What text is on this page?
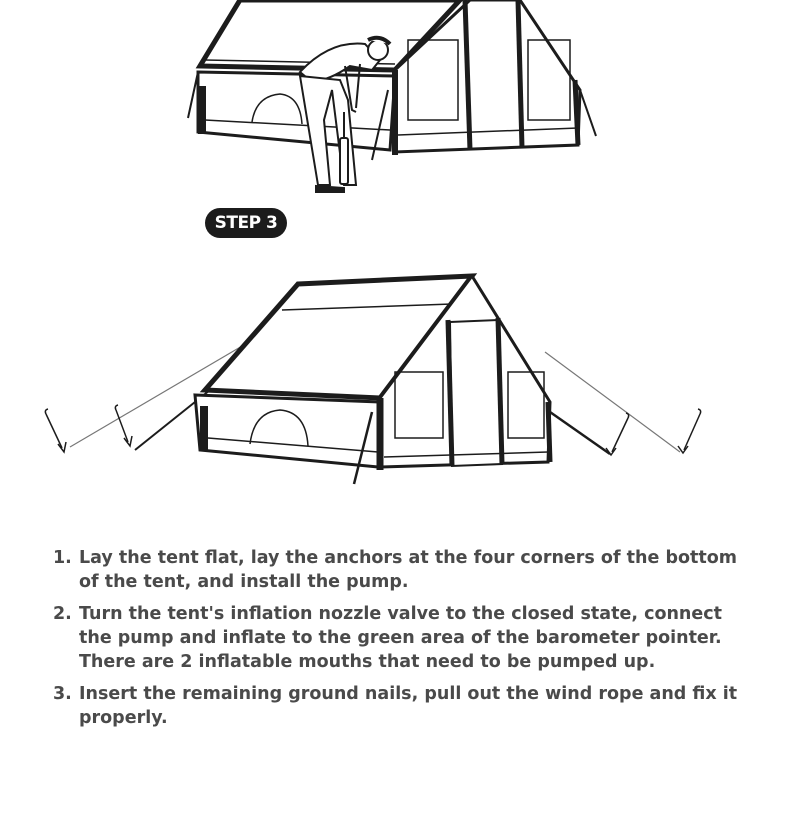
STEP 3
1. Lay the tent flat, lay the anchors at the four corners of the bottom of the tent, and install the pump.
2. Turn the tent's inflation nozzle valve to the closed state, connect the pump and inflate to the green area of the barometer pointer. There are 2 inflatable mouths that need to be pumped up.
3. Insert the remaining ground nails, pull out the wind rope and fix it properly.
